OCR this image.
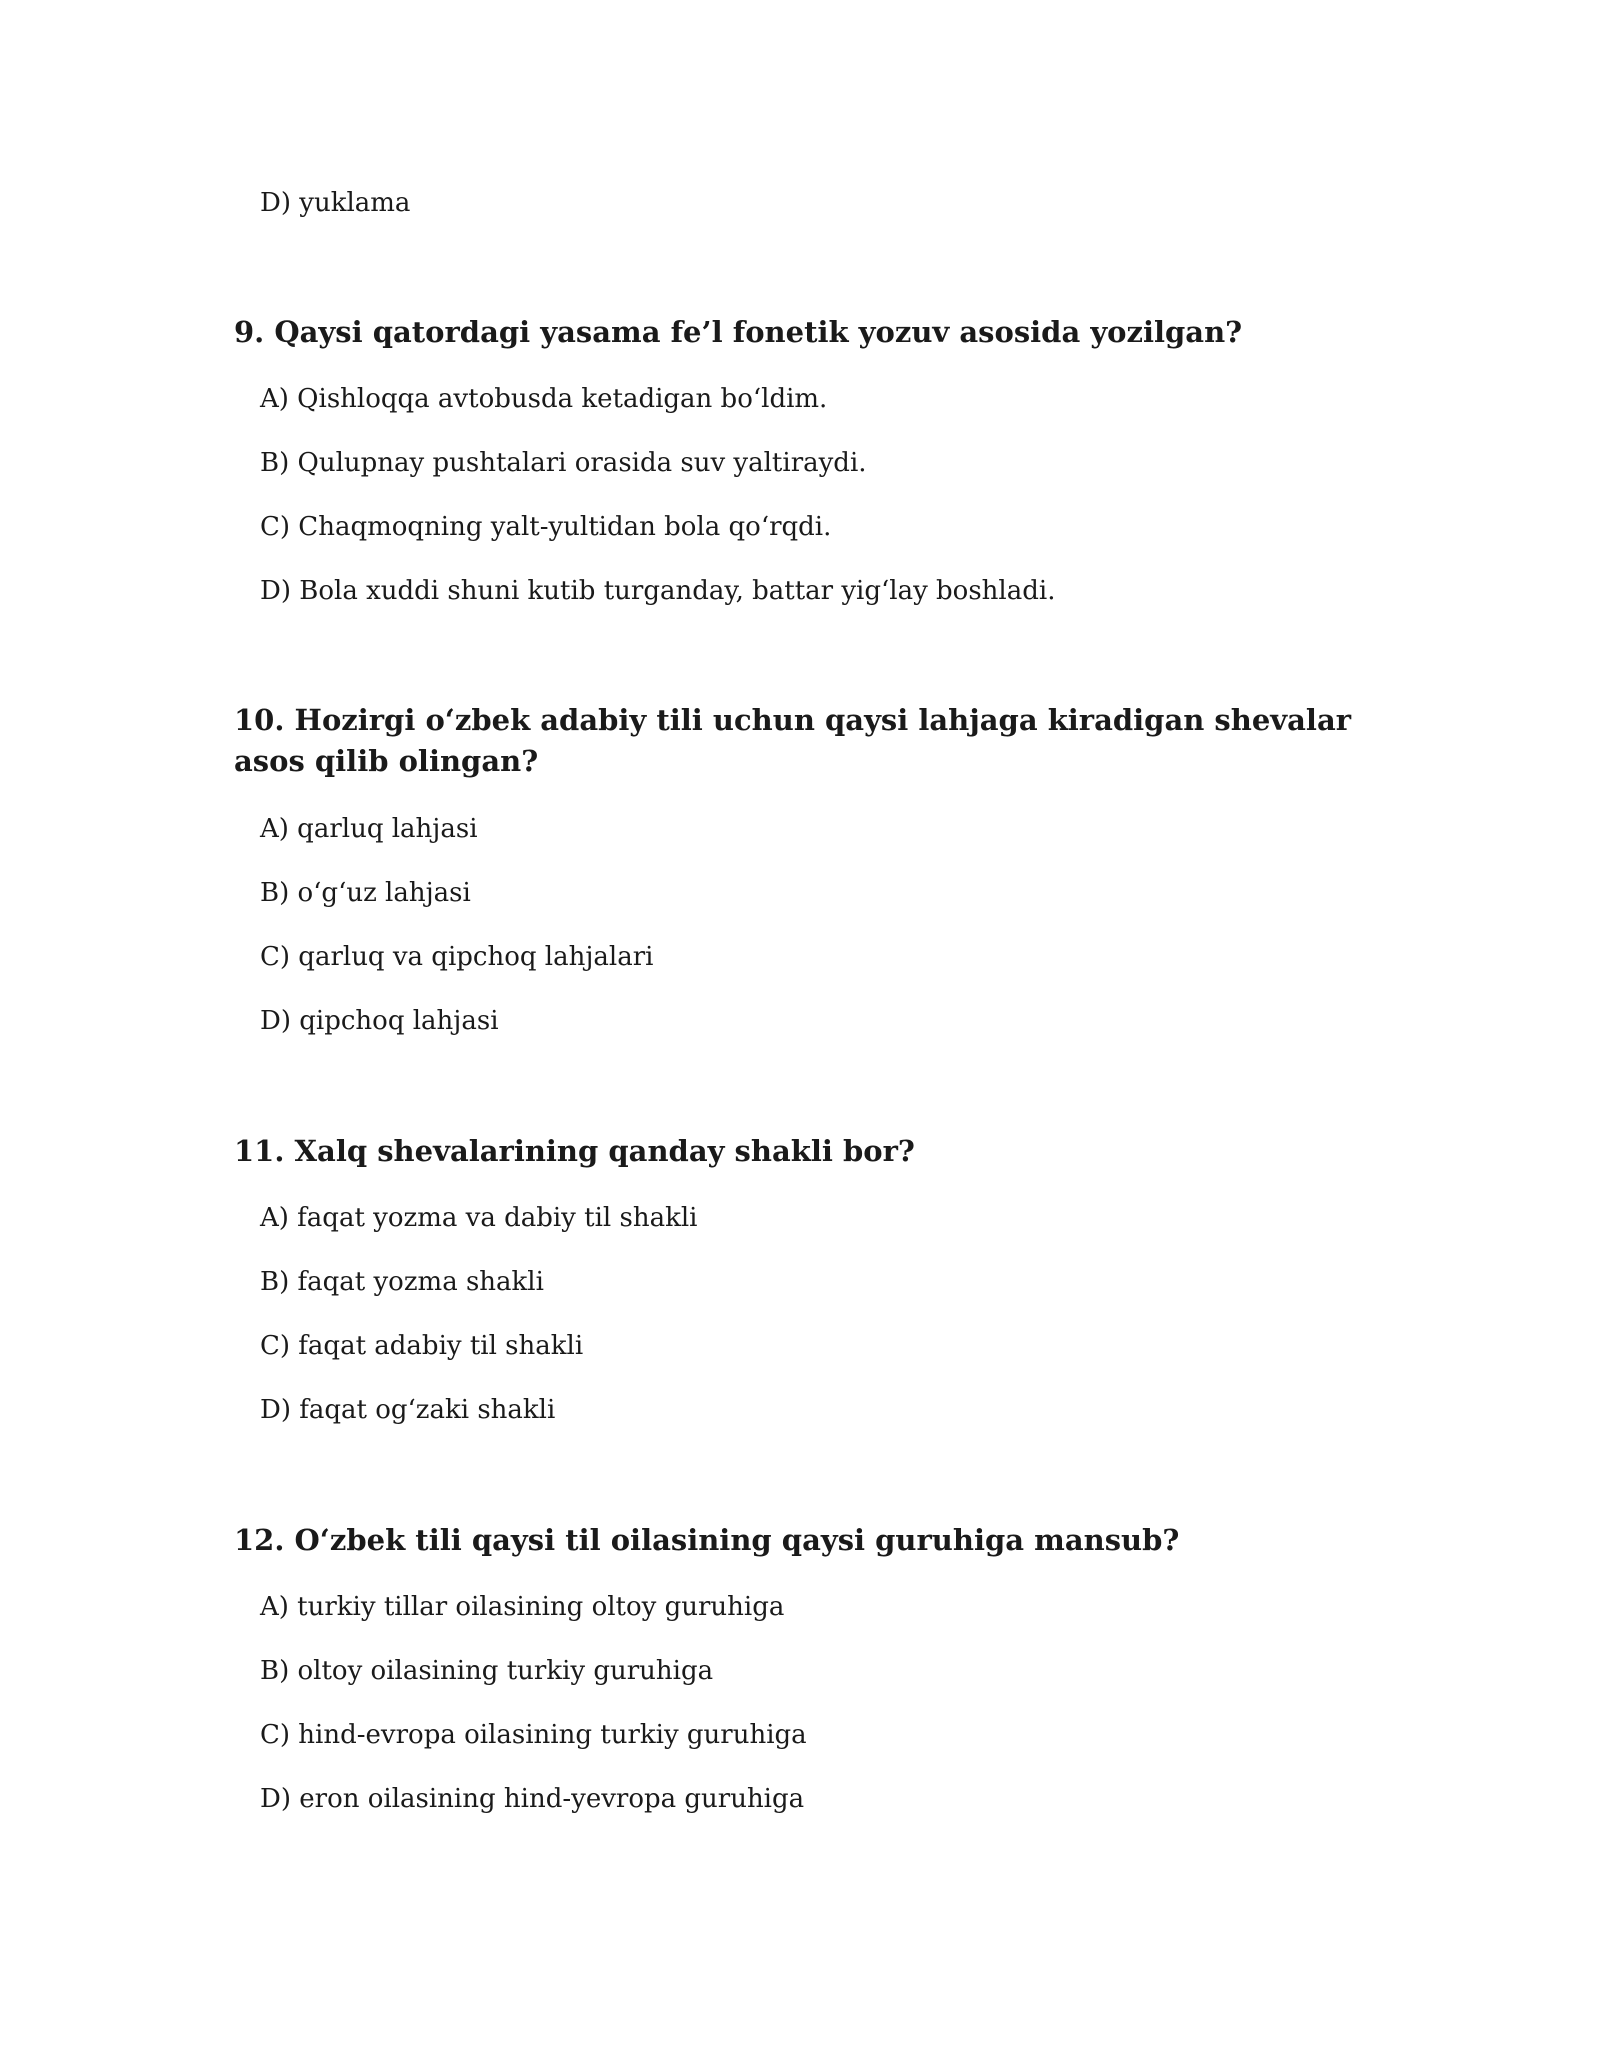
D) yuklama
9. Qaysi qatordagi yasama fe’l fonetik yozuv asosida yozilgan?
A) Qishloqqa avtobusda ketadigan bo‘ldim.
B) Qulupnay pushtalari orasida suv yaltiraydi.
C) Chaqmoqning yalt-yultidan bola qo‘rqdi.
D) Bola xuddi shuni kutib turganday, battar yig‘lay boshladi.
10. Hozirgi o‘zbek adabiy tili uchun qaysi lahjaga kiradigan shevalar asos qilib olingan?
A) qarluq lahjasi
B) o‘g‘uz lahjasi
C) qarluq va qipchoq lahjalari
D) qipchoq lahjasi
11. Xalq shevalarining qanday shakli bor?
A) faqat yozma va dabiy til shakli
B) faqat yozma shakli
C) faqat adabiy til shakli
D) faqat og‘zaki shakli
12. O‘zbek tili qaysi til oilasining qaysi guruhiga mansub?
A) turkiy tillar oilasining oltoy guruhiga
B) oltoy oilasining turkiy guruhiga
C) hind-evropa oilasining turkiy guruhiga
D) eron oilasining hind-yevropa guruhiga
